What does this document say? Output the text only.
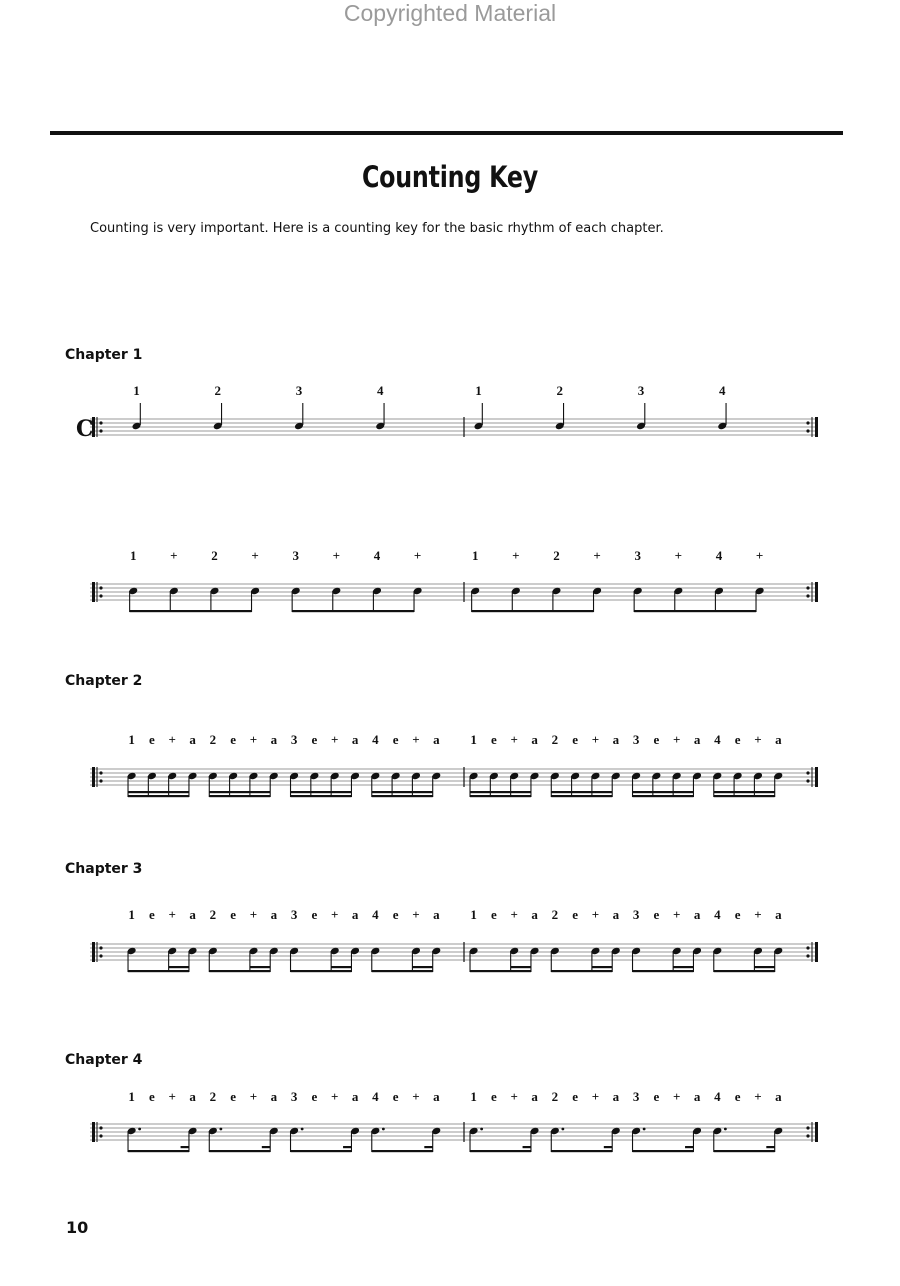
Copyrighted Material
Counting Key
Counting is very important. Here is a counting key for the basic rhythm of each chapter.
Chapter 1
1	2	3	4	1	2	3	4
C
1	+	2	+	3	+	4	+	1	+	2	+	3	+	4	+
Chapter 2
1 e + a 2 e + a 3 e + a 4 e + a 1 e + a 2 e + a 3 e + a 4 e + a
Chapter 3
1 e + a 2 e + a 3 e + a 4 e + a 1 e + a 2 e + a 3 e + a 4 e + a
Chapter 4
1 e + a 2 e + a 3 e + a 4 e + a 1 e + a 2 e + a 3 e + a 4 e + a
10
